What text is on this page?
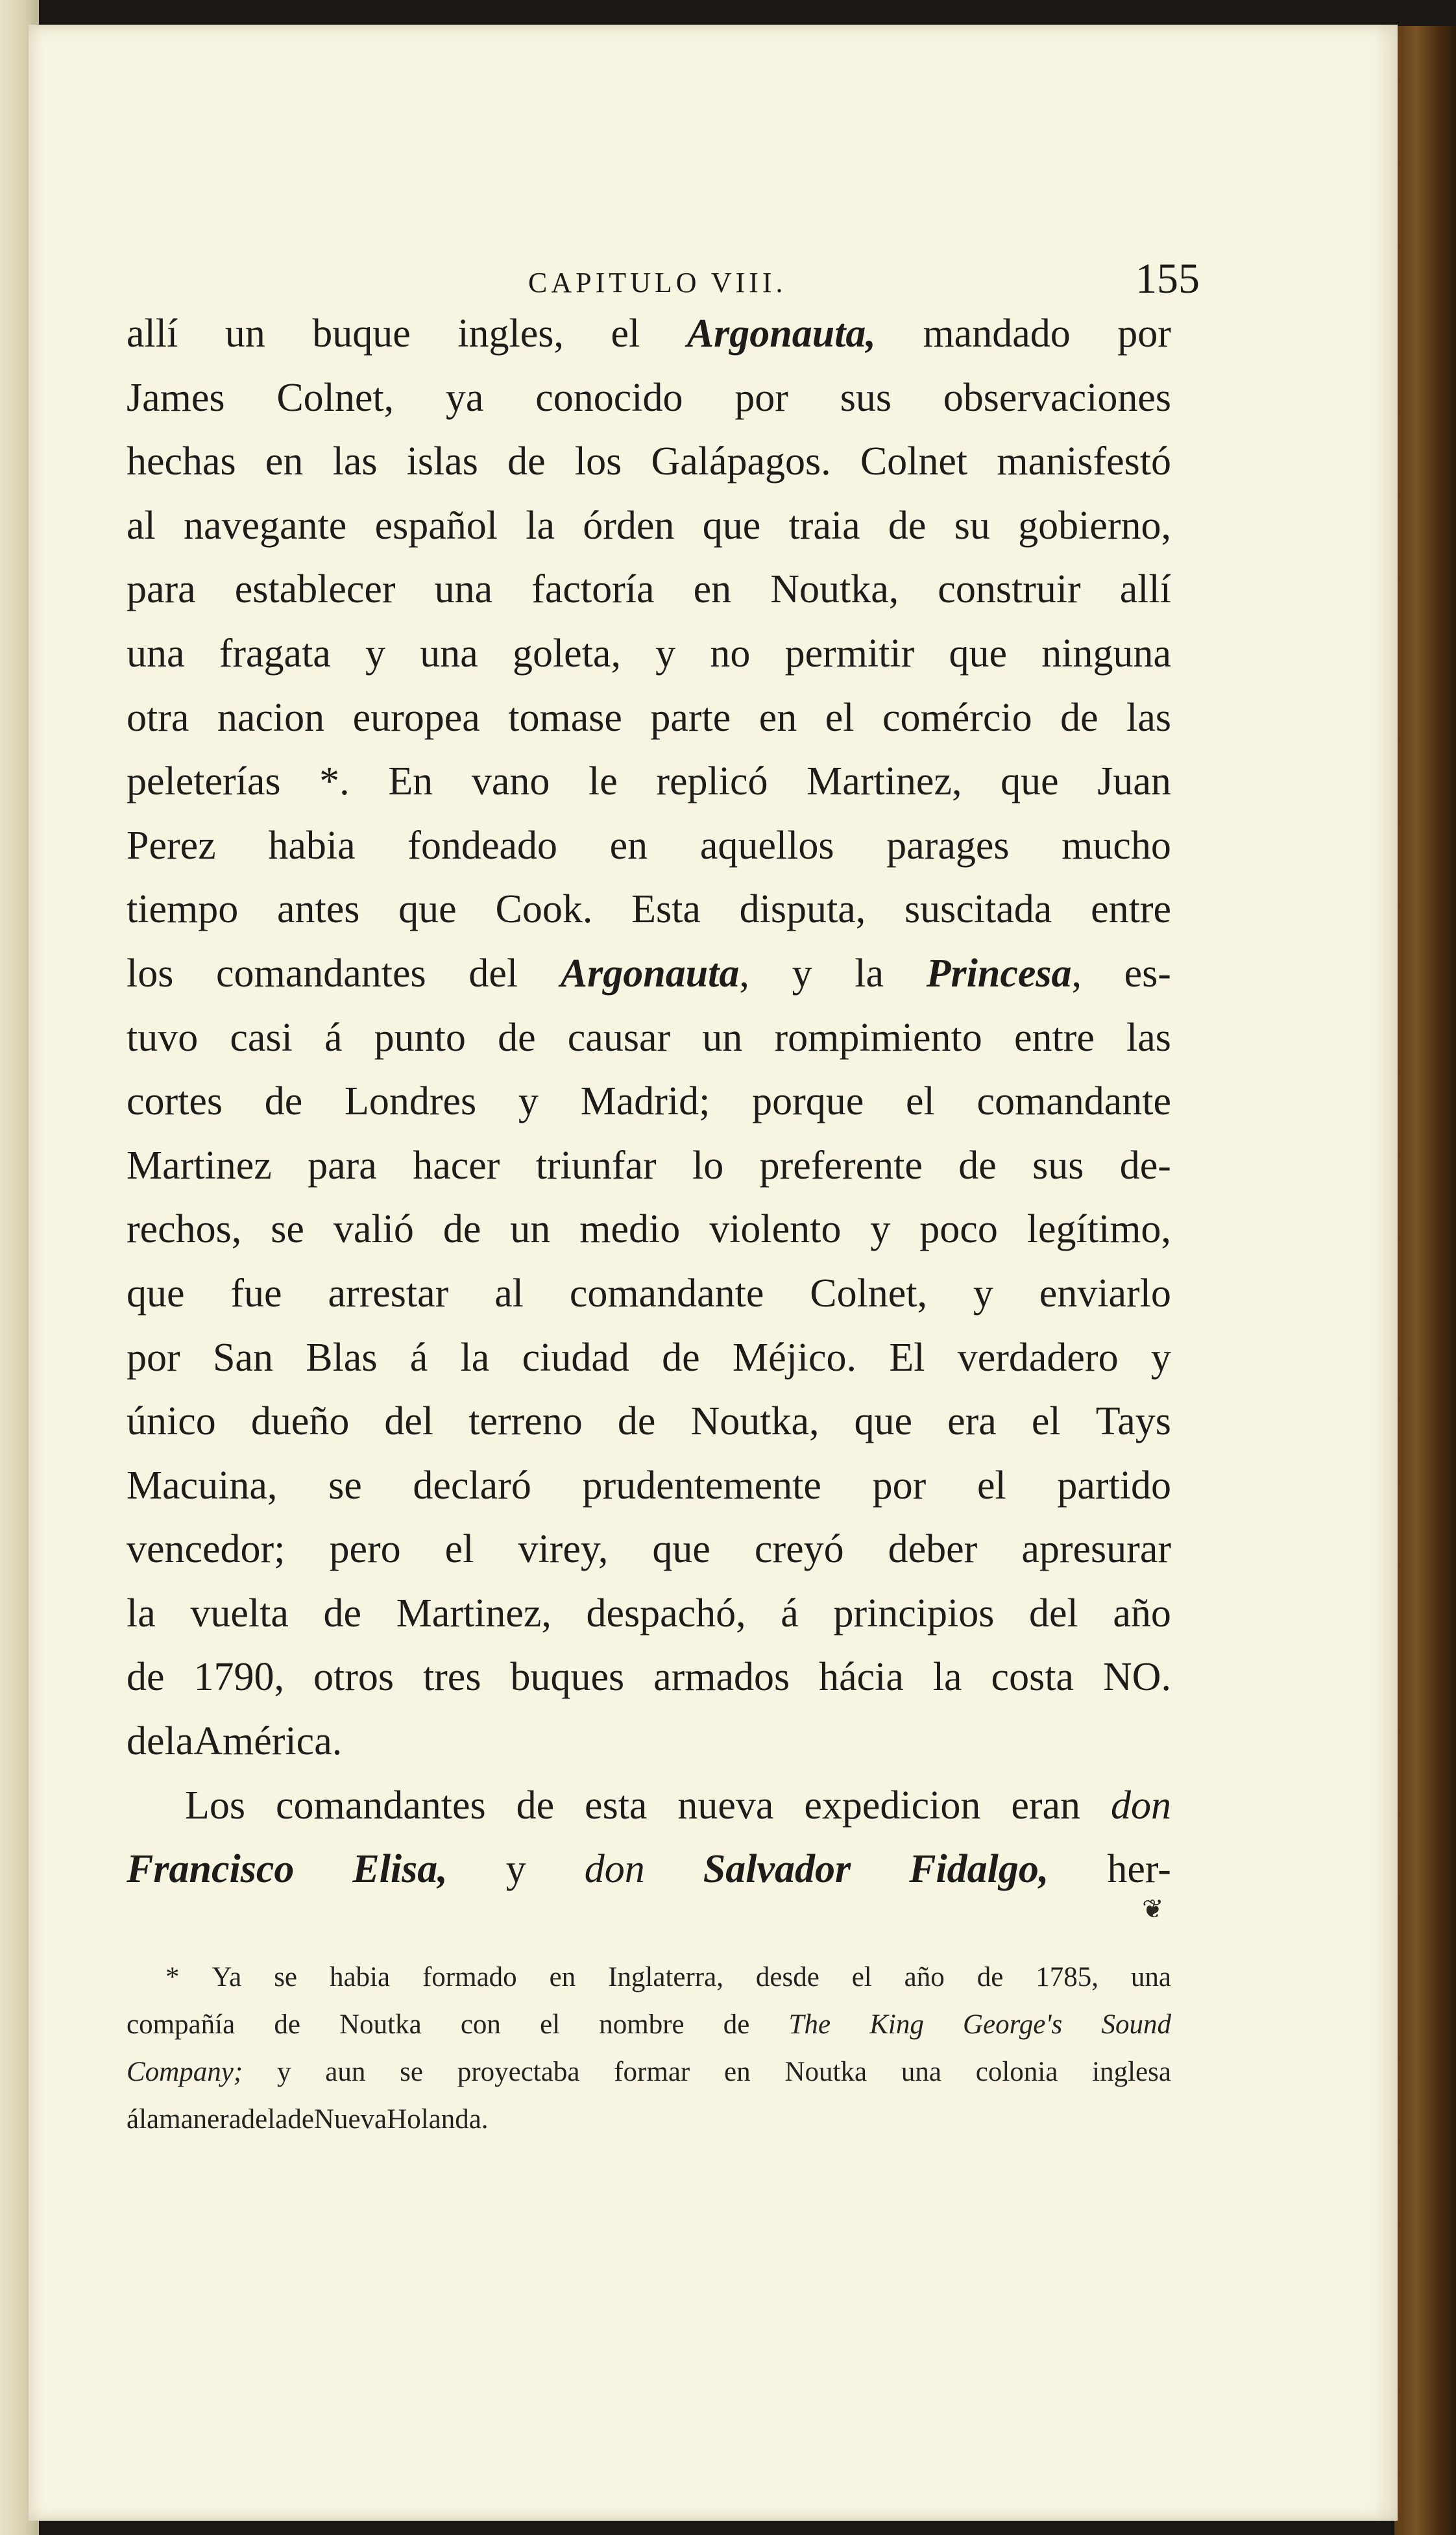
CAPITULO VIII.	155
allí un buque ingles, el Argonauta, mandado por
James Colnet, ya conocido por sus observaciones
hechas en las islas de los Galápagos. Colnet manisfestó
al navegante español la órden que traia de su gobierno,
para establecer una factoría en Noutka, construir allí
una fragata y una goleta, y no permitir que ninguna
otra nacion europea tomase parte en el comércio de las
peleterías *. En vano le replicó Martinez, que Juan
Perez habia fondeado en aquellos parages mucho
tiempo antes que Cook. Esta disputa, suscitada entre
los comandantes del Argonauta, y la Princesa, es-
tuvo casi á punto de causar un rompimiento entre las
cortes de Londres y Madrid; porque el comandante
Martinez para hacer triunfar lo preferente de sus de-
rechos, se valió de un medio violento y poco legítimo,
que fue arrestar al comandante Colnet, y enviarlo
por San Blas á la ciudad de Méjico. El verdadero y
único dueño del terreno de Noutka, que era el Tays
Macuina, se declaró prudentemente por el partido
vencedor; pero el virey, que creyó deber apresurar
la vuelta de Martinez, despachó, á principios del año
de 1790, otros tres buques armados hácia la costa NO.
de la América.
Los comandantes de esta nueva expedicion eran don
Francisco Elisa, y don Salvador Fidalgo, her-
❦
* Ya se habia formado en Inglaterra, desde el año de 1785, una
compañía de Noutka con el nombre de The King George's Sound
Company; y aun se proyectaba formar en Noutka una colonia inglesa
á la manera de la de Nueva Holanda.
